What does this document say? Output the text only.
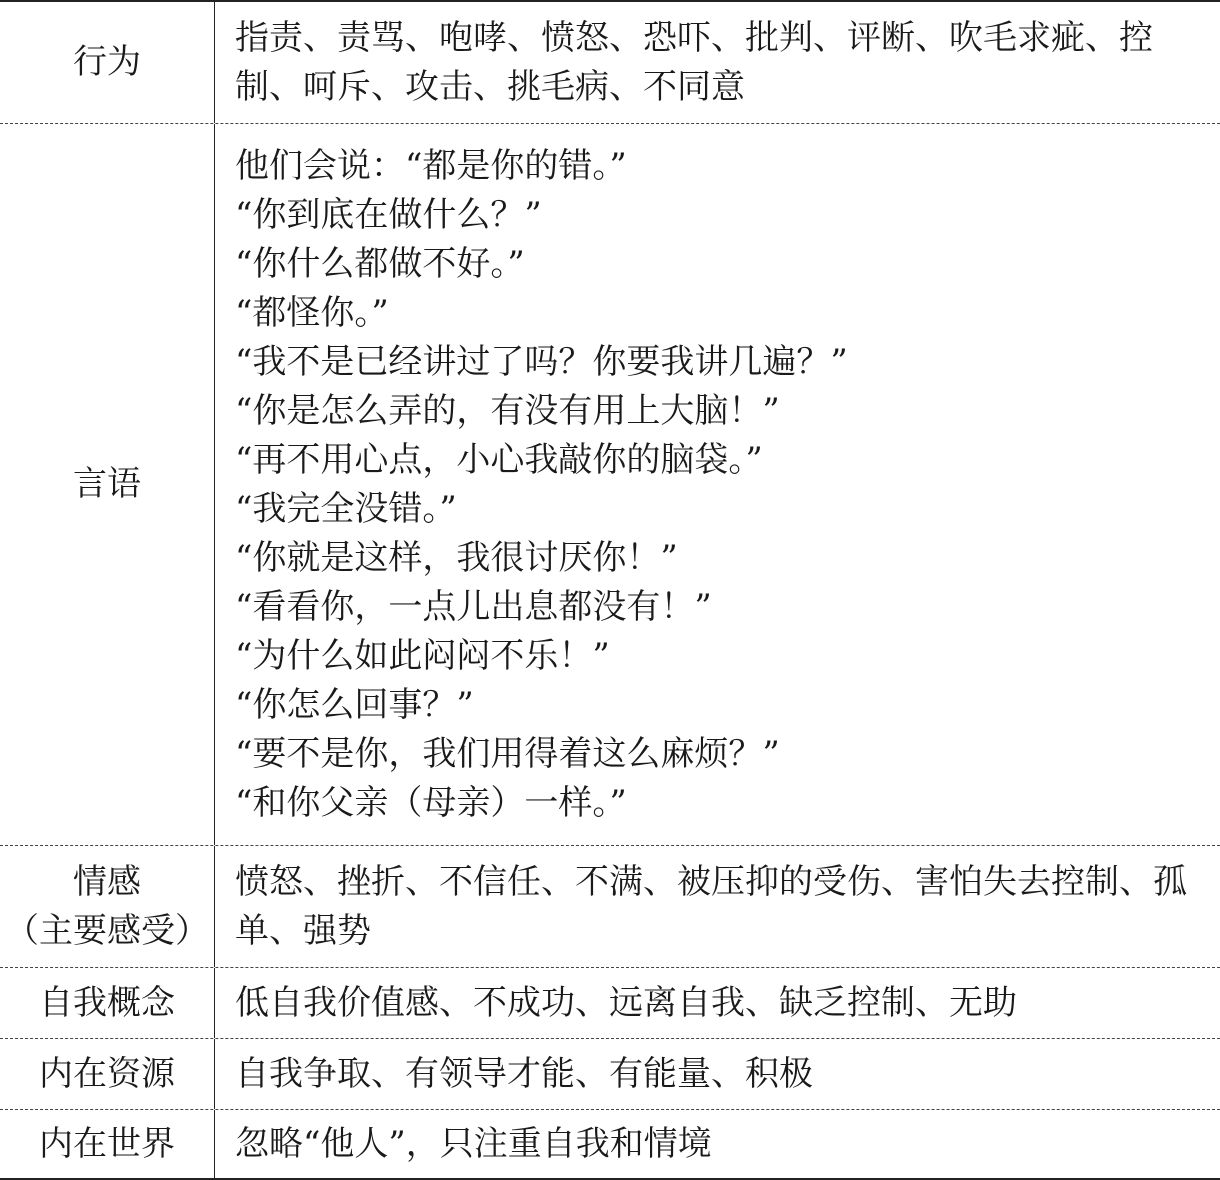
行为
指责、责骂、咆哮、愤怒、恐吓、批判、评断、吹毛求疵、控制、呵斥、攻击、挑毛病、不同意
言语
他们会说：“都是你的错。”
“你到底在做什么？”
“你什么都做不好。”
“都怪你。”
“我不是已经讲过了吗？你要我讲几遍？”
“你是怎么弄的，有没有用上大脑！”
“再不用心点，小心我敲你的脑袋。”
“我完全没错。”
“你就是这样，我很讨厌你！”
“看看你，一点儿出息都没有！”
“为什么如此闷闷不乐！”
“你怎么回事？”
“要不是你，我们用得着这么麻烦？”
“和你父亲（母亲）一样。”
情感
（主要感受）
愤怒、挫折、不信任、不满、被压抑的受伤、害怕失去控制、孤单、强势
自我概念 低自我价值感、不成功、远离自我、缺乏控制、无助
内在资源 自我争取、有领导才能、有能量、积极
内在世界 忽略“他人”，只注重自我和情境
